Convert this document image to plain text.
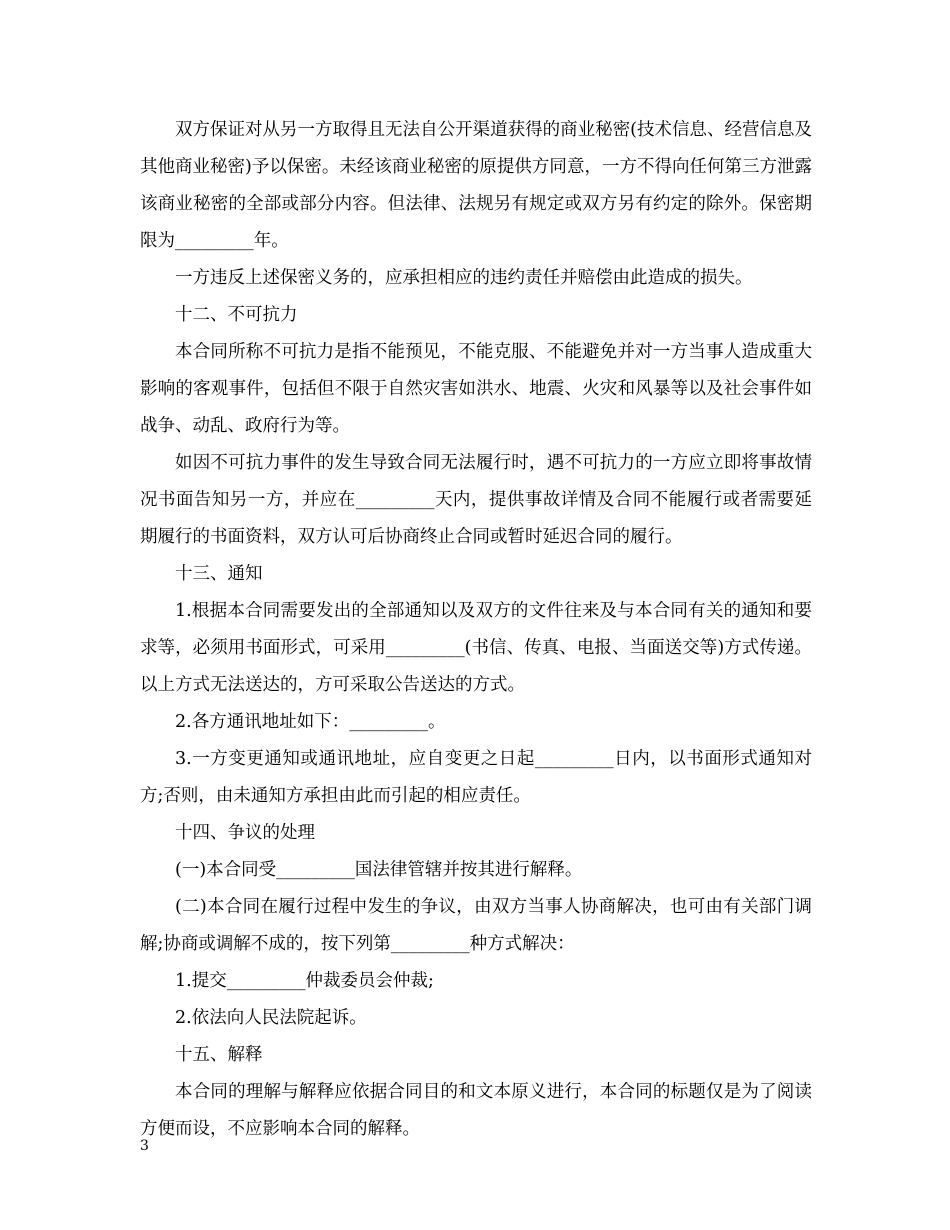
双方保证对从另一方取得且无法自公开渠道获得的商业秘密(技术信息、经营信息及其他商业秘密)予以保密。未经该商业秘密的原提供方同意，一方不得向任何第三方泄露该商业秘密的全部或部分内容。但法律、法规另有规定或双方另有约定的除外。保密期限为_________年。

一方违反上述保密义务的，应承担相应的违约责任并赔偿由此造成的损失。

十二、不可抗力

本合同所称不可抗力是指不能预见，不能克服、不能避免并对一方当事人造成重大影响的客观事件，包括但不限于自然灾害如洪水、地震、火灾和风暴等以及社会事件如战争、动乱、政府行为等。

如因不可抗力事件的发生导致合同无法履行时，遇不可抗力的一方应立即将事故情况书面告知另一方，并应在_________天内，提供事故详情及合同不能履行或者需要延期履行的书面资料，双方认可后协商终止合同或暂时延迟合同的履行。

十三、通知

1.根据本合同需要发出的全部通知以及双方的文件往来及与本合同有关的通知和要求等，必须用书面形式，可采用_________(书信、传真、电报、当面送交等)方式传递。以上方式无法送达的，方可采取公告送达的方式。

2.各方通讯地址如下：_________。

3.一方变更通知或通讯地址，应自变更之日起_________日内，以书面形式通知对方;否则，由未通知方承担由此而引起的相应责任。

十四、争议的处理

(一)本合同受_________国法律管辖并按其进行解释。

(二)本合同在履行过程中发生的争议，由双方当事人协商解决，也可由有关部门调解;协商或调解不成的，按下列第_________种方式解决：

1.提交_________仲裁委员会仲裁;

2.依法向人民法院起诉。

十五、解释

本合同的理解与解释应依据合同目的和文本原义进行，本合同的标题仅是为了阅读方便而设，不应影响本合同的解释。

3
